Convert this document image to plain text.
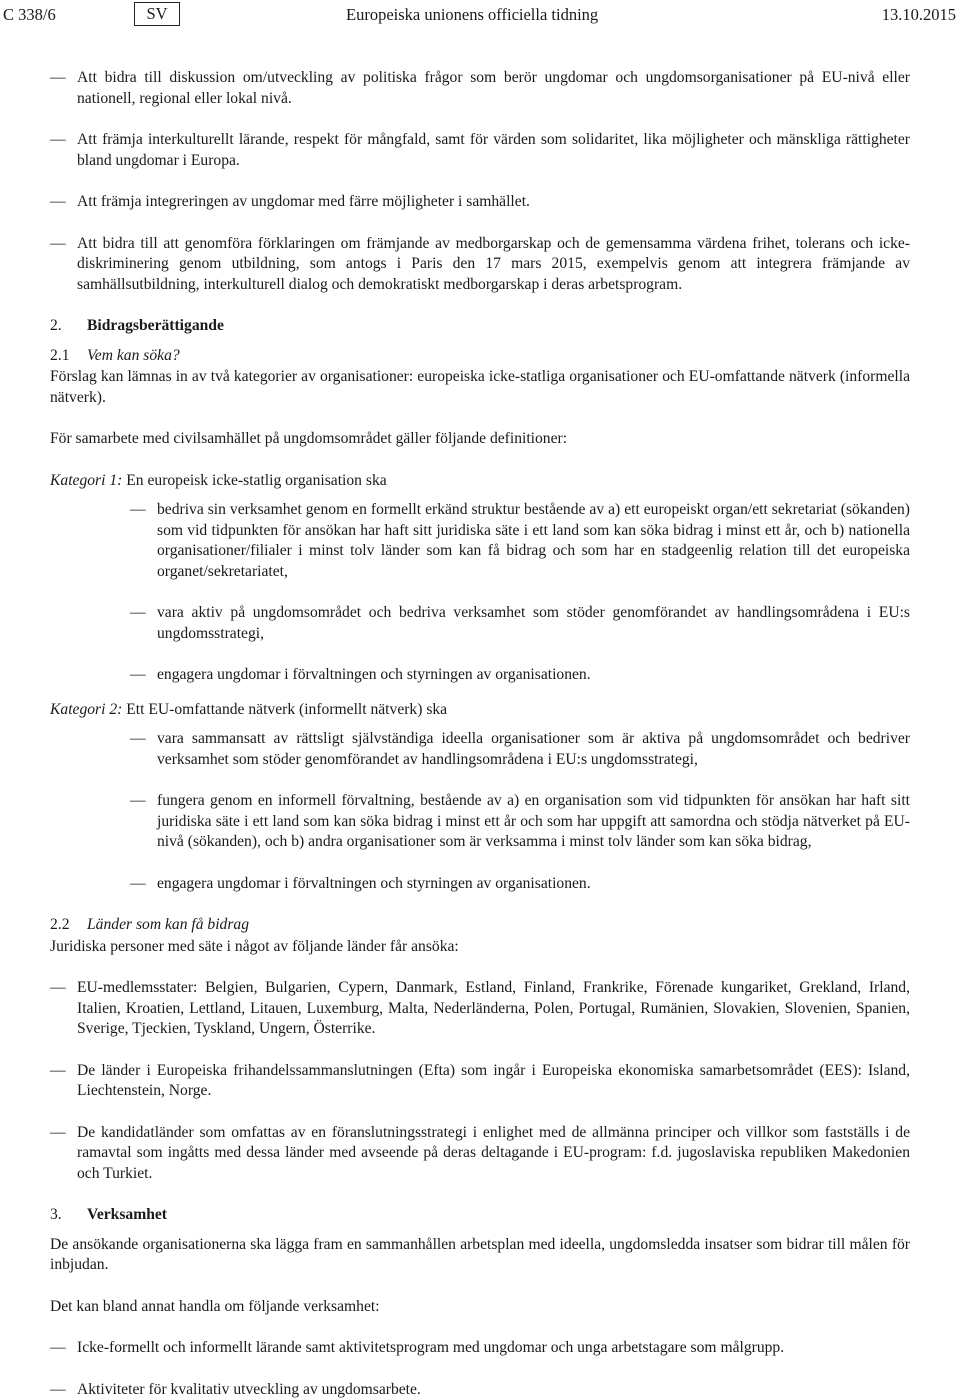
C 338/6	SV	Europeiska unionens officiella tidning	13.10.2015

— Att bidra till diskussion om/utveckling av politiska frågor som berör ungdomar och ungdomsorganisationer på EU-nivå eller nationell, regional eller lokal nivå.

— Att främja interkulturellt lärande, respekt för mångfald, samt för värden som solidaritet, lika möjligheter och mänskliga rättigheter bland ungdomar i Europa.

— Att främja integreringen av ungdomar med färre möjligheter i samhället.

— Att bidra till att genomföra förklaringen om främjande av medborgarskap och de gemensamma värdena frihet, tolerans och icke-diskriminering genom utbildning, som antogs i Paris den 17 mars 2015, exempelvis genom att integrera främjande av samhällsutbildning, interkulturell dialog och demokratiskt medborgarskap i deras arbetsprogram.

2. Bidragsberättigande

2.1 Vem kan söka?

Förslag kan lämnas in av två kategorier av organisationer: europeiska icke-statliga organisationer och EU-omfattande nätverk (informella nätverk).

För samarbete med civilsamhället på ungdomsområdet gäller följande definitioner:

Kategori 1: En europeisk icke-statlig organisation ska

— bedriva sin verksamhet genom en formellt erkänd struktur bestående av a) ett europeiskt organ/ett sekretariat (sökanden) som vid tidpunkten för ansökan har haft sitt juridiska säte i ett land som kan söka bidrag i minst ett år, och b) nationella organisationer/filialer i minst tolv länder som kan få bidrag och som har en stadgeenlig relation till det europeiska organet/sekretariatet,

— vara aktiv på ungdomsområdet och bedriva verksamhet som stöder genomförandet av handlingsområdena i EU:s ungdomsstrategi,

— engagera ungdomar i förvaltningen och styrningen av organisationen.

Kategori 2: Ett EU-omfattande nätverk (informellt nätverk) ska

— vara sammansatt av rättsligt självständiga ideella organisationer som är aktiva på ungdomsområdet och bedriver verksamhet som stöder genomförandet av handlingsområdena i EU:s ungdomsstrategi,

— fungera genom en informell förvaltning, bestående av a) en organisation som vid tidpunkten för ansökan har haft sitt juridiska säte i ett land som kan söka bidrag i minst ett år och som har uppgift att samordna och stödja nätverket på EU-nivå (sökanden), och b) andra organisationer som är verksamma i minst tolv länder som kan söka bidrag,

— engagera ungdomar i förvaltningen och styrningen av organisationen.

2.2 Länder som kan få bidrag

Juridiska personer med säte i något av följande länder får ansöka:

— EU-medlemsstater: Belgien, Bulgarien, Cypern, Danmark, Estland, Finland, Frankrike, Förenade kungariket, Grekland, Irland, Italien, Kroatien, Lettland, Litauen, Luxemburg, Malta, Nederländerna, Polen, Portugal, Rumänien, Slovakien, Slovenien, Spanien, Sverige, Tjeckien, Tyskland, Ungern, Österrike.

— De länder i Europeiska frihandelssammanslutningen (Efta) som ingår i Europeiska ekonomiska samarbetsområdet (EES): Island, Liechtenstein, Norge.

— De kandidatländer som omfattas av en föranslutningsstrategi i enlighet med de allmänna principer och villkor som fastställs i de ramavtal som ingåtts med dessa länder med avseende på deras deltagande i EU-program: f.d. jugoslaviska republiken Makedonien och Turkiet.

3. Verksamhet

De ansökande organisationerna ska lägga fram en sammanhållen arbetsplan med ideella, ungdomsledda insatser som bidrar till målen för inbjudan.

Det kan bland annat handla om följande verksamhet:

— Icke-formellt och informellt lärande samt aktivitetsprogram med ungdomar och unga arbetstagare som målgrupp.

— Aktiviteter för kvalitativ utveckling av ungdomsarbete.
